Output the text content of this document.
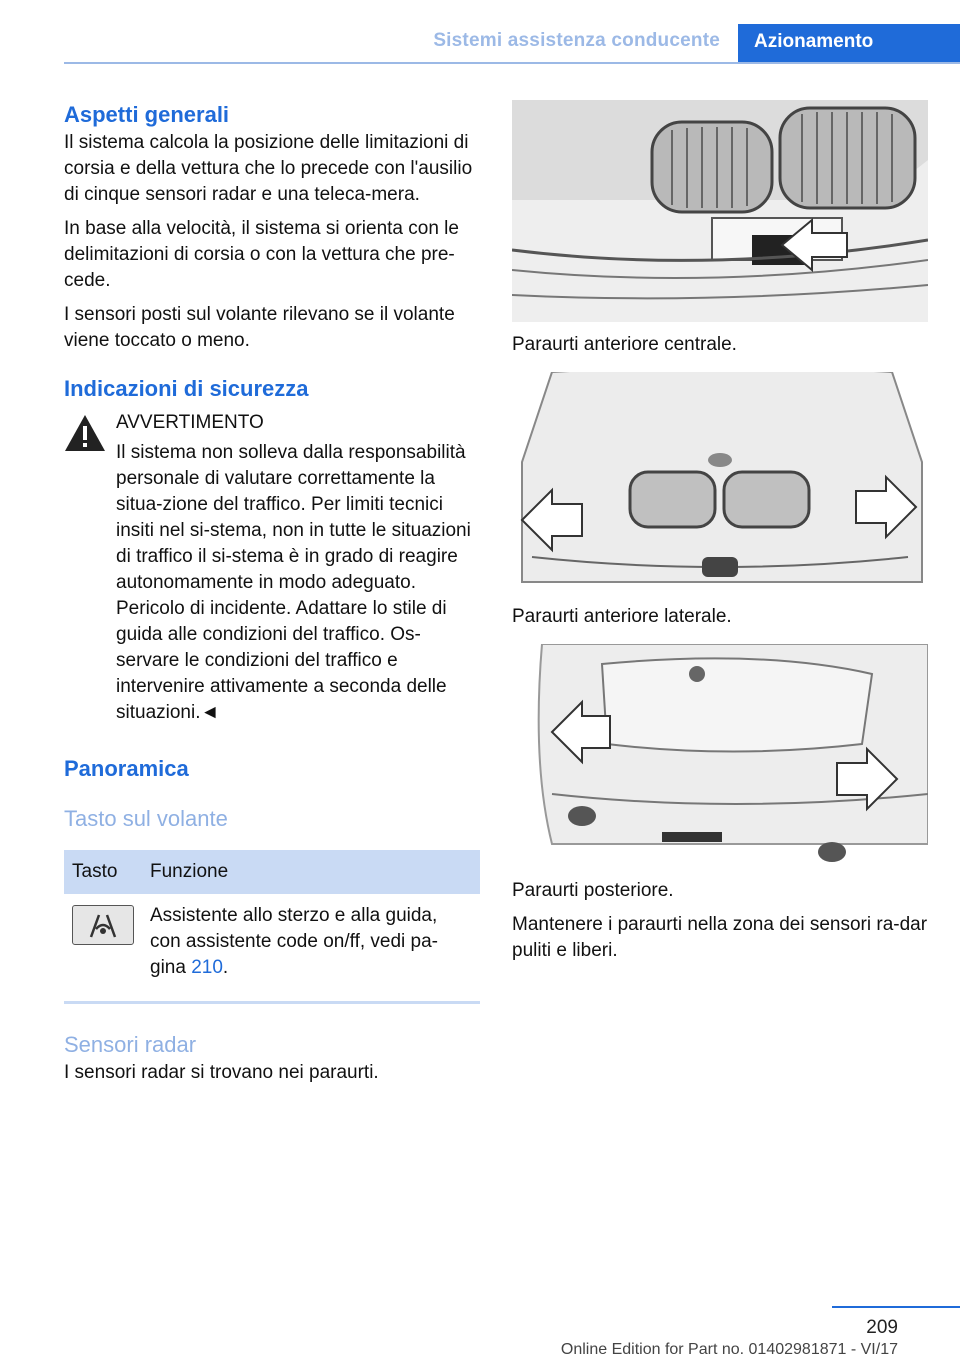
Sistemi assistenza conducente	Azionamento
Aspetti generali

Il sistema calcola la posizione delle limitazioni di corsia e della vettura che lo precede con l'ausilio di cinque sensori radar e una teleca-mera.

In base alla velocità, il sistema si orienta con le delimitazioni di corsia o con la vettura che pre-cede.

I sensori posti sul volante rilevano se il volante viene toccato o meno.

Indicazioni di sicurezza

AVVERTIMENTO

Il sistema non solleva dalla responsabilità personale di valutare correttamente la situa-zione del traffico. Per limiti tecnici insiti nel si-stema, non in tutte le situazioni di traffico il si-stema è in grado di reagire autonomamente in modo adeguato. Pericolo di incidente. Adattare lo stile di guida alle condizioni del traffico. Os-servare le condizioni del traffico e intervenire attivamente a seconda delle situazioni.◄

Panoramica
Tasto sul volante
Tasto	Funzione

	Assistente allo sterzo e alla guida, con assistente code on/ff, vedi pa-gina 210.
Sensori radar

I sensori radar si trovano nei paraurti.

Paraurti anteriore centrale.

Paraurti anteriore laterale.

Paraurti posteriore.

Mantenere i paraurti nella zona dei sensori ra-dar puliti e liberi.

209
Online Edition for Part no. 01402981871 - VI/17
